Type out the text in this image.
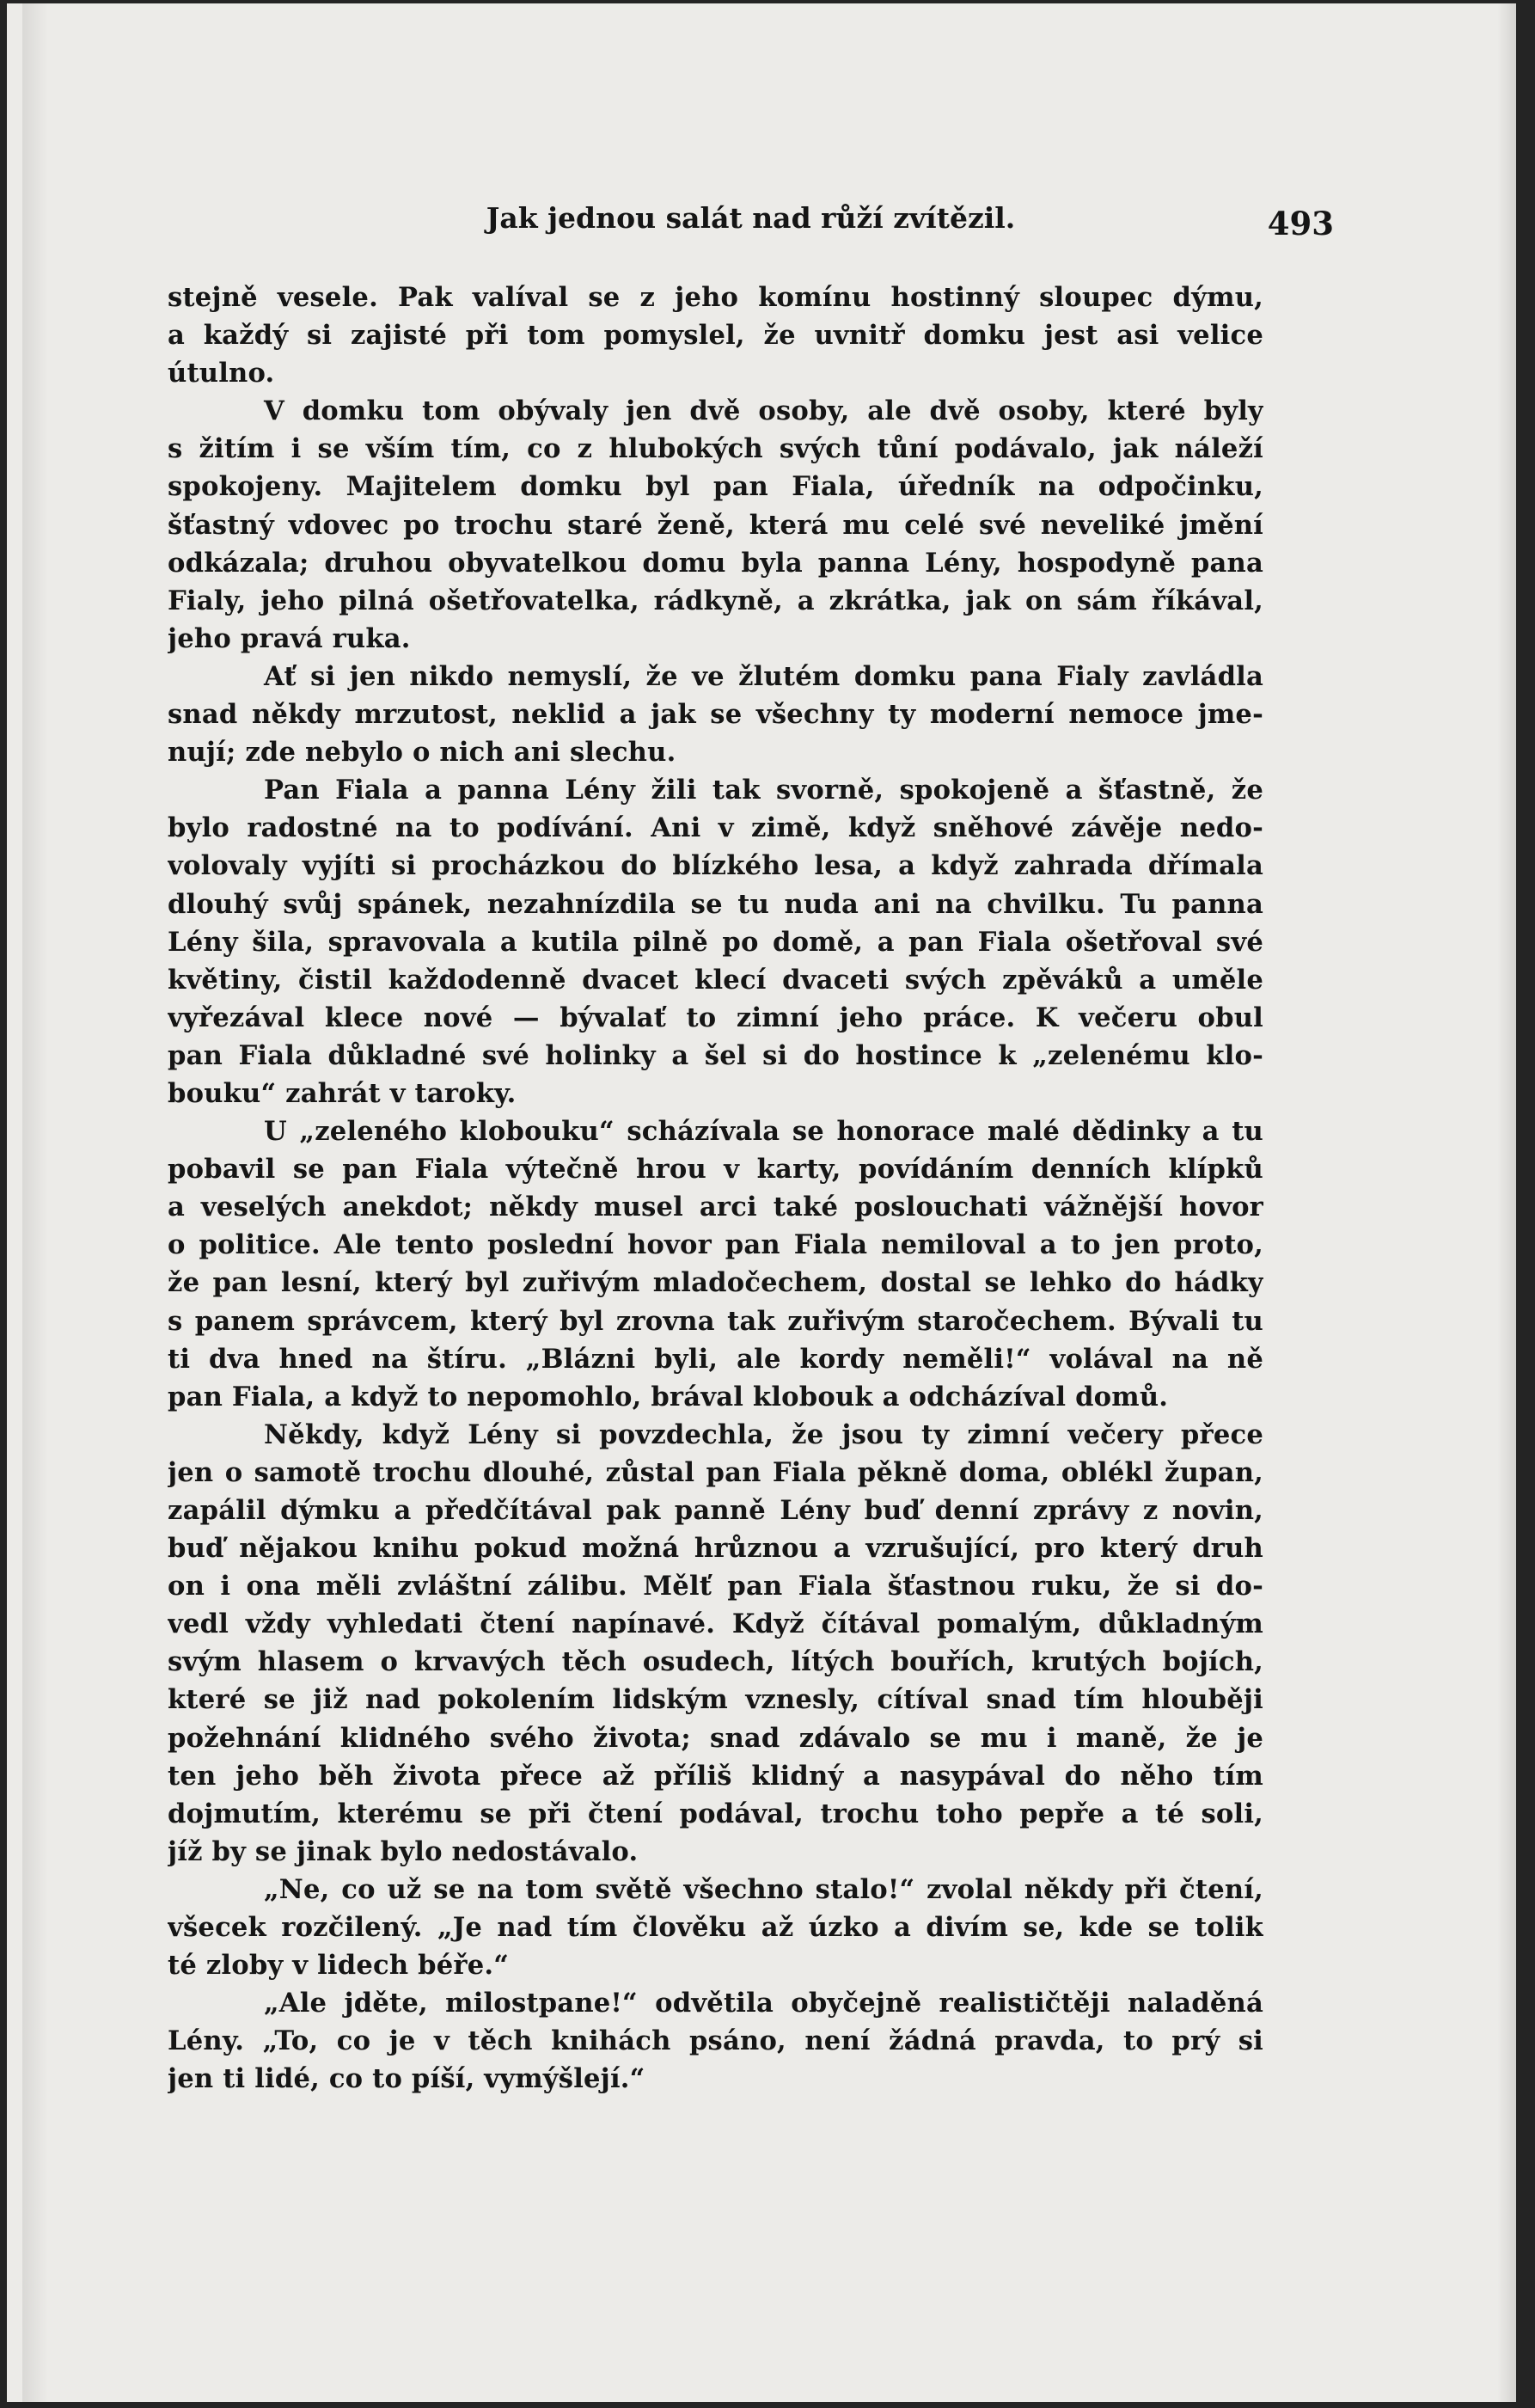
Jak jednou salát nad růží zvítězil.	493

stejně vesele. Pak valíval se z jeho komínu hostinný sloupec dýmu,
a každý si zajisté při tom pomyslel, že uvnitř domku jest asi velice
útulno.

V domku tom obývaly jen dvě osoby, ale dvě osoby, které byly
s žitím i se vším tím, co z hlubokých svých tůní podávalo, jak náleží
spokojeny. Majitelem domku byl pan Fiala, úředník na odpočinku,
šťastný vdovec po trochu staré ženě, která mu celé své neveliké jmění
odkázala; druhou obyvatelkou domu byla panna Lény, hospodyně pana
Fialy, jeho pilná ošetřovatelka, rádkyně, a zkrátka, jak on sám říkával,
jeho pravá ruka.

Ať si jen nikdo nemyslí, že ve žlutém domku pana Fialy zavládla
snad někdy mrzutost, neklid a jak se všechny ty moderní nemoce jme-
nují; zde nebylo o nich ani slechu.

Pan Fiala a panna Lény žili tak svorně, spokojeně a šťastně, že
bylo radostné na to podívání. Ani v zimě, když sněhové závěje nedo-
volovaly vyjíti si procházkou do blízkého lesa, a když zahrada dřímala
dlouhý svůj spánek, nezahnízdila se tu nuda ani na chvilku. Tu panna
Lény šila, spravovala a kutila pilně po domě, a pan Fiala ošetřoval své
květiny, čistil každodenně dvacet klecí dvaceti svých zpěváků a uměle
vyřezával klece nové — bývalať to zimní jeho práce. K večeru obul
pan Fiala důkladné své holinky a šel si do hostince k „zelenému klo-
bouku“ zahrát v taroky.

U „zeleného klobouku“ scházívala se honorace malé dědinky a tu
pobavil se pan Fiala výtečně hrou v karty, povídáním denních klípků
a veselých anekdot; někdy musel arci také poslouchati vážnější hovor
o politice. Ale tento poslední hovor pan Fiala nemiloval a to jen proto,
že pan lesní, který byl zuřivým mladočechem, dostal se lehko do hádky
s panem správcem, který byl zrovna tak zuřivým staročechem. Bývali tu
ti dva hned na štíru. „Blázni byli, ale kordy neměli!“ volával na ně
pan Fiala, a když to nepomohlo, brával klobouk a odcházíval domů.

Někdy, když Lény si povzdechla, že jsou ty zimní večery přece
jen o samotě trochu dlouhé, zůstal pan Fiala pěkně doma, oblékl župan,
zapálil dýmku a předčítával pak panně Lény buď denní zprávy z novin,
buď nějakou knihu pokud možná hrůznou a vzrušující, pro který druh
on i ona měli zvláštní zálibu. Mělť pan Fiala šťastnou ruku, že si do-
vedl vždy vyhledati čtení napínavé. Když čítával pomalým, důkladným
svým hlasem o krvavých těch osudech, lítých bouřích, krutých bojích,
které se již nad pokolením lidským vznesly, cítíval snad tím hlouběji
požehnání klidného svého života; snad zdávalo se mu i maně, že je
ten jeho běh života přece až příliš klidný a nasypával do něho tím
dojmutím, kterému se při čtení podával, trochu toho pepře a té soli,
jíž by se jinak bylo nedostávalo.

„Ne, co už se na tom světě všechno stalo!“ zvolal někdy při čtení,
všecek rozčilený. „Je nad tím člověku až úzko a divím se, kde se tolik
té zloby v lidech béře.“

„Ale jděte, milostpane!“ odvětila obyčejně realističtěji naladěná
Lény. „To, co je v těch knihách psáno, není žádná pravda, to prý si
jen ti lidé, co to píší, vymýšlejí.“
